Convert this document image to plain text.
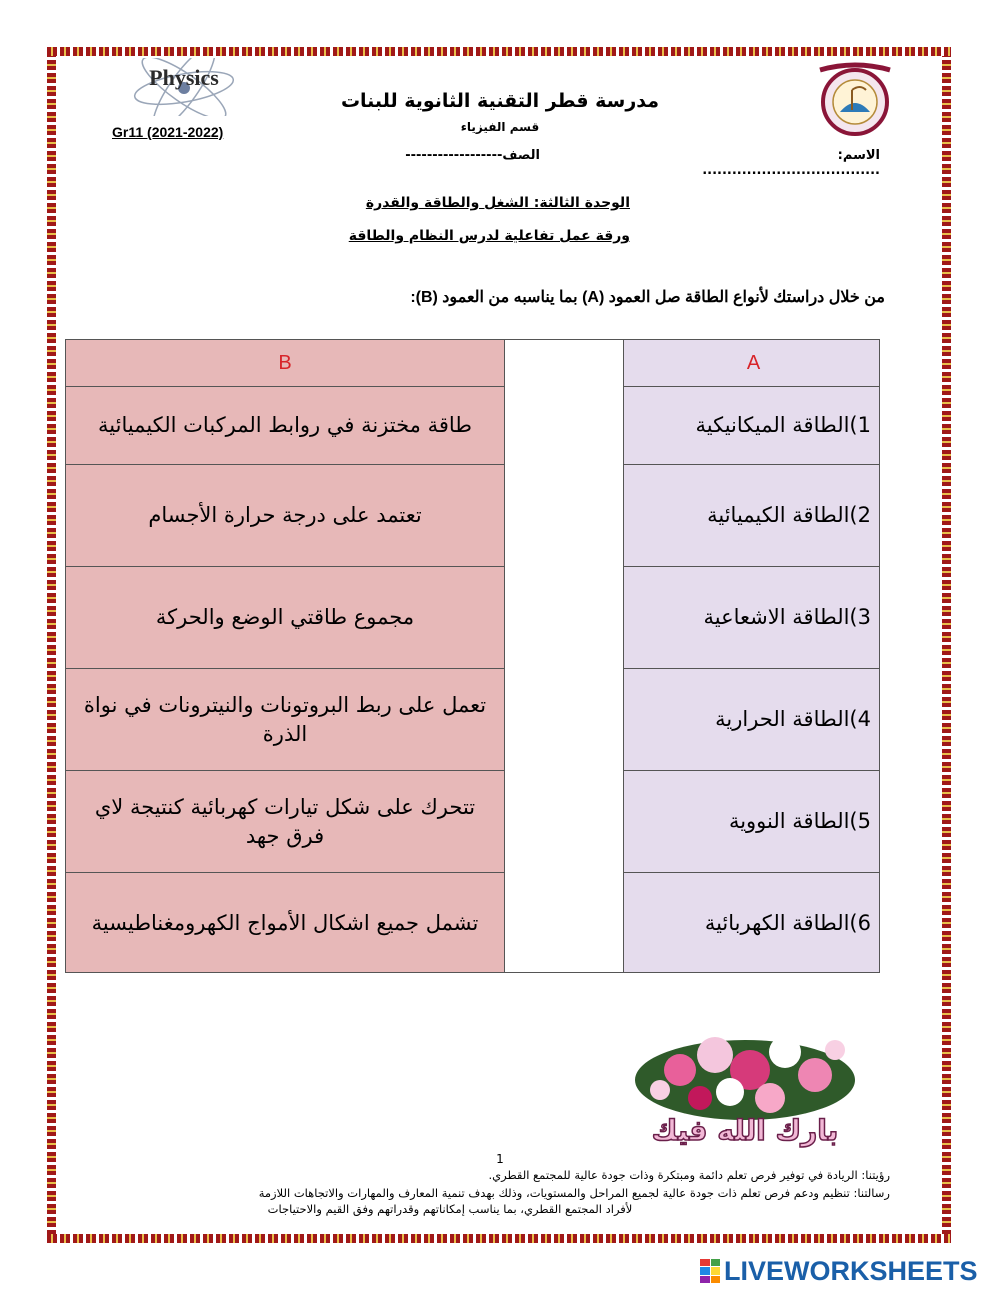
Physics
مدرسة قطر التقنية الثانوية للبنات
قسم الفيزياء
Gr11 (2021-2022)
الاسم: ....................................
الصف------------------
الوحدة الثالثة: الشغل والطاقة والقدرة
ورقة عمل تفاعلية لدرس النظام والطاقة
من خلال دراستك لأنواع الطاقة صل العمود (A) بما يناسبه من العمود (B):
B
طاقة مختزنة في روابط المركبات الكيميائية
تعتمد على درجة حرارة الأجسام
مجموع طاقتي الوضع والحركة
تعمل على ربط البروتونات والنيترونات في نواة الذرة
تتحرك على شكل تيارات كهربائية كنتيجة لاي فرق جهد
تشمل جميع اشكال الأمواج الكهرومغناطيسية
A
1)الطاقة الميكانيكية
2)الطاقة الكيميائية
3)الطاقة الاشعاعية
4)الطاقة الحرارية
5)الطاقة النووية
6)الطاقة الكهربائية
بارك الله فيك
1
رؤيتنا: الريادة في توفير فرص تعلم دائمة ومبتكرة وذات جودة عالية للمجتمع القطري.
رسالتنا: تنظيم ودعم فرص تعلم ذات جودة عالية لجميع المراحل والمستويات، وذلك بهدف تنمية المعارف والمهارات والاتجاهات اللازمة
لأفراد المجتمع القطري، بما يناسب إمكاناتهم وقدراتهم وفق القيم والاحتياجات
LIVEWORKSHEETS
